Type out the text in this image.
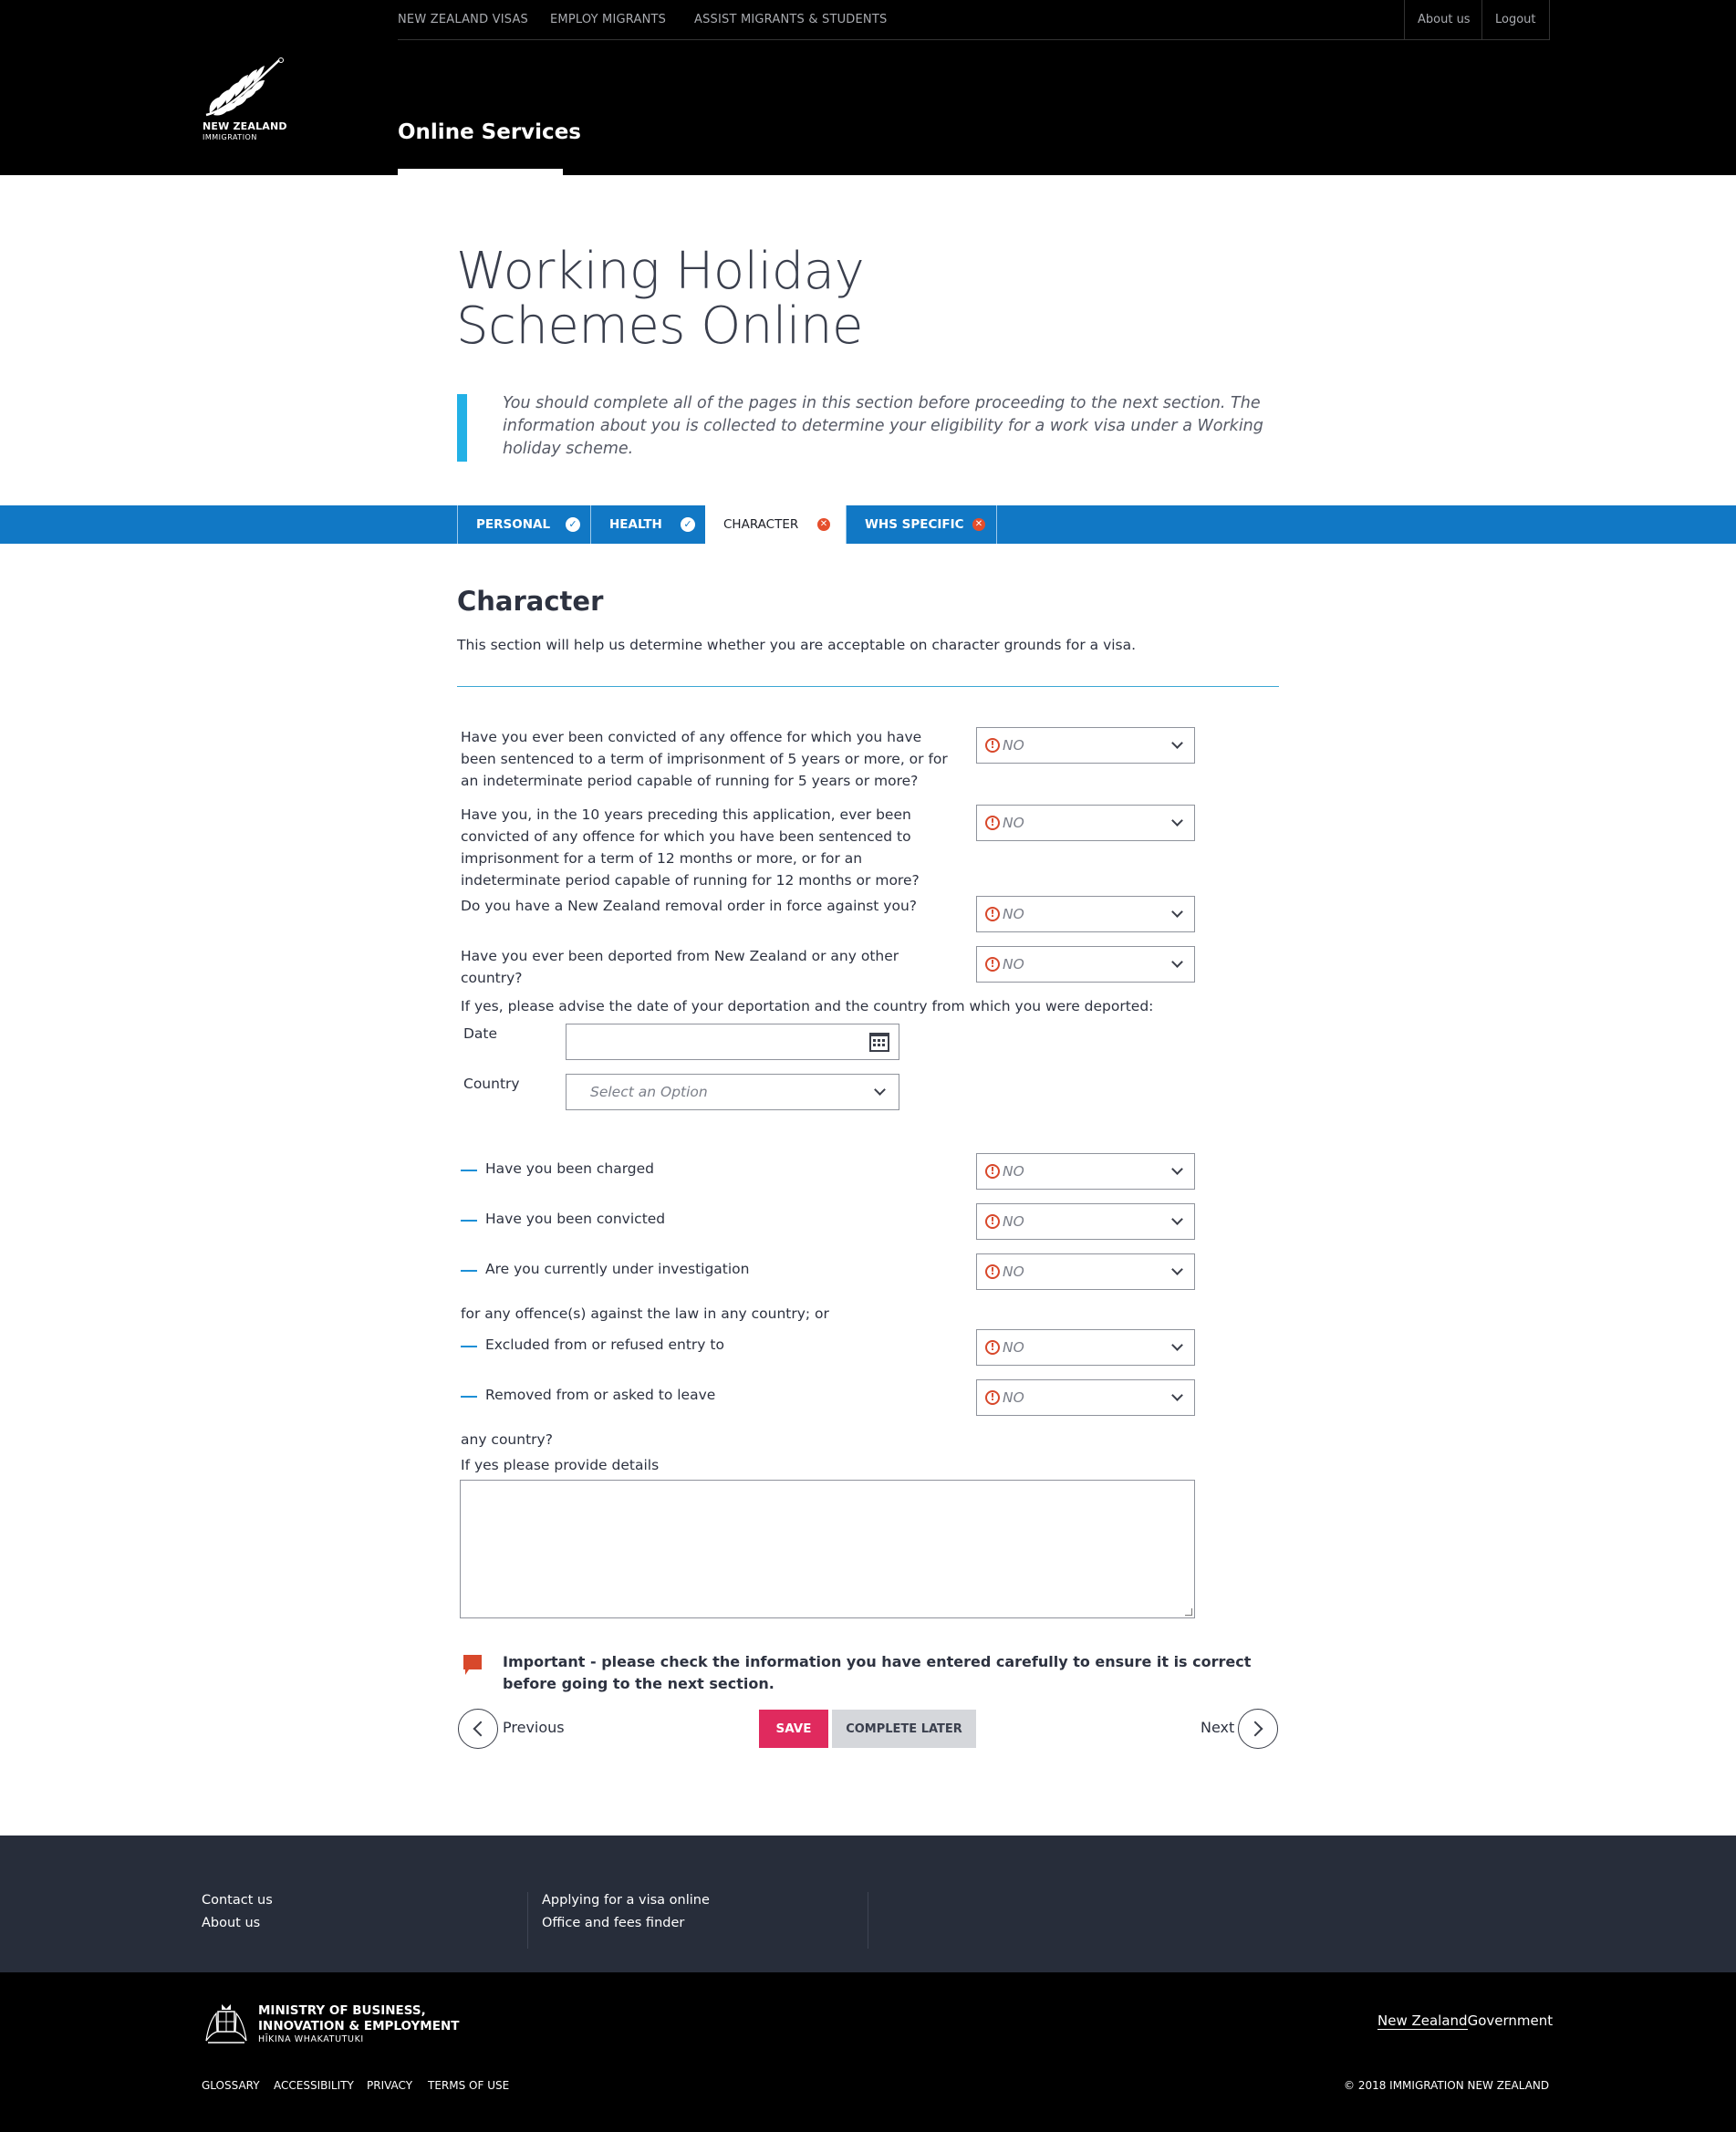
NEW ZEALAND VISAS EMPLOY MIGRANTS ASSIST MIGRANTS & STUDENTS	About us	Logout
NEW ZEALAND
IMMIGRATION	Online Services
Working Holiday
Schemes Online

You should complete all of the pages in this section before proceeding to the next section. The information about you is collected to determine your eligibility for a work visa under a Working holiday scheme.

PERSONAL	✓	HEALTH	✓	CHARACTER ✕	WHS SPECIFIC ✕
Character

This section will help us determine whether you are acceptable on character grounds for a visa.

Have you ever been convicted of any offence for which you have been sentenced to a term of imprisonment of 5 years or more, or for an indeterminate period capable of running for 5 years or more?

! NO

Have you, in the 10 years preceding this application, ever been convicted of any offence for which you have been sentenced to imprisonment for a term of 12 months or more, or for an indeterminate period capable of running for 12 months or more?

! NO

Do you have a New Zealand removal order in force against you?	! NO

Have you ever been deported from New Zealand or any other country?

! NO

If yes, please advise the date of your deportation and the country from which you were deported:

Date
Country	Select an Option
Have you been charged	! NO
Have you been convicted	! NO
Are you currently under investigation	! NO

for any offence(s) against the law in any country; or

Excluded from or refused entry to	! NO
Removed from or asked to leave	! NO

any country?

If yes please provide details

Important - please check the information you have entered carefully to ensure it is correct before going to the next section.

Previous	SAVE	COMPLETE LATER	Next
Contact us
About us
Applying for a visa online
Office and fees finder
MINISTRY OF BUSINESS,
INNOVATION & EMPLOYMENT
HĪKINA WHAKATUTUKI
New ZealandGovernment
GLOSSARY ACCESSIBILITY PRIVACY TERMS OF USE	© 2018 IMMIGRATION NEW ZEALAND
